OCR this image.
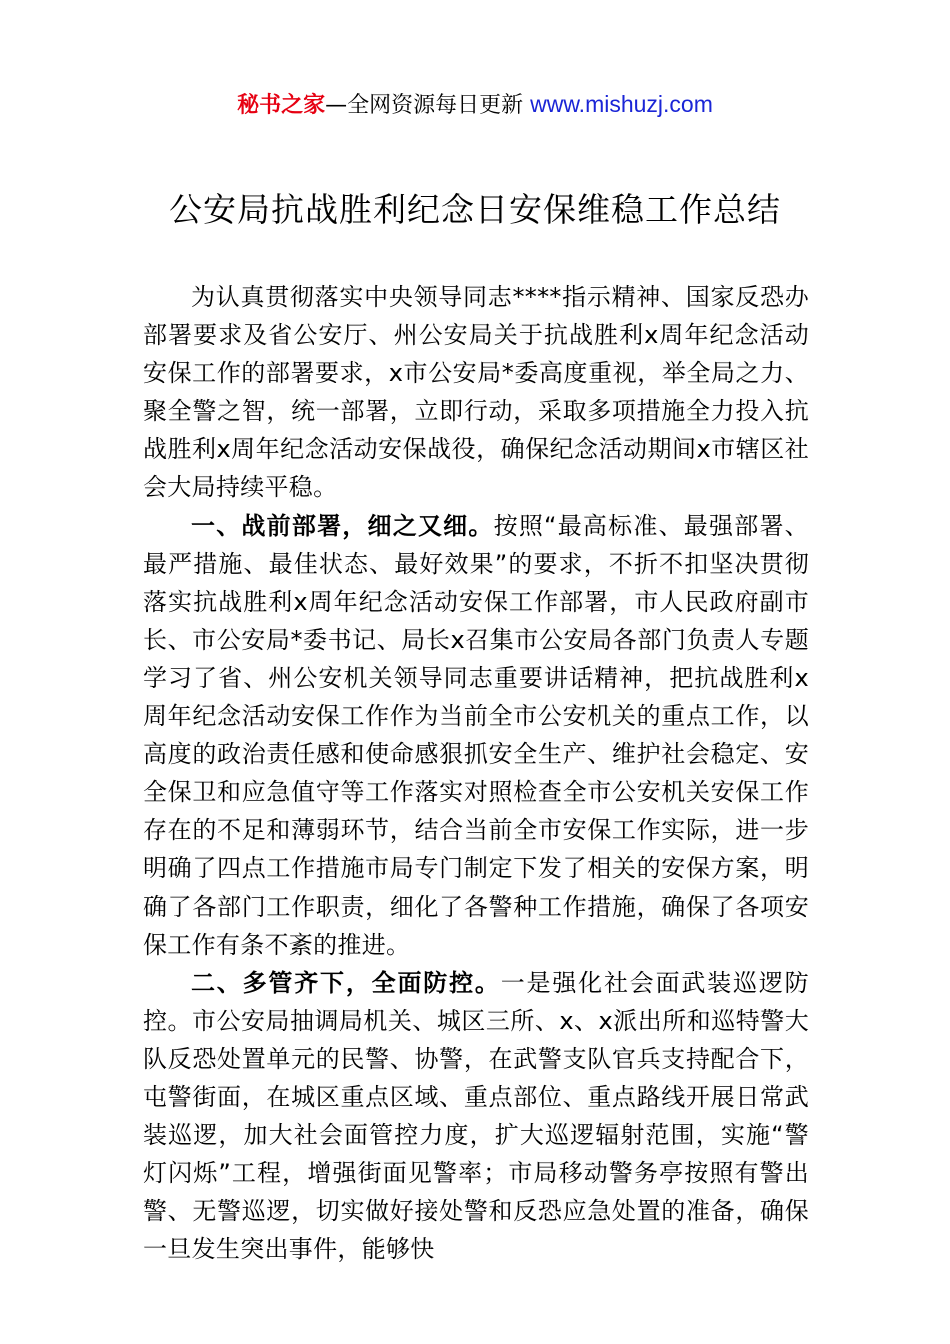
秘书之家—全网资源每日更新 www.mishuzj.com
公安局抗战胜利纪念日安保维稳工作总结

为认真贯彻落实中央领导同志****指示精神、国家反恐办部署要求及省公安厅、州公安局关于抗战胜利x周年纪念活动安保工作的部署要求，x市公安局*委高度重视，举全局之力、聚全警之智，统一部署，立即行动，采取多项措施全力投入抗战胜利x周年纪念活动安保战役，确保纪念活动期间x市辖区社会大局持续平稳。

一、战前部署，细之又细。按照“最高标准、最强部署、最严措施、最佳状态、最好效果”的要求，不折不扣坚决贯彻落实抗战胜利x周年纪念活动安保工作部署，市人民政府副市长、市公安局*委书记、局长x召集市公安局各部门负责人专题学习了省、州公安机关领导同志重要讲话精神，把抗战胜利x周年纪念活动安保工作作为当前全市公安机关的重点工作，以高度的政治责任感和使命感狠抓安全生产、维护社会稳定、安全保卫和应急值守等工作落实对照检查全市公安机关安保工作存在的不足和薄弱环节，结合当前全市安保工作实际，进一步明确了四点工作措施市局专门制定下发了相关的安保方案，明确了各部门工作职责，细化了各警种工作措施，确保了各项安保工作有条不紊的推进。

二、多管齐下，全面防控。一是强化社会面武装巡逻防控。市公安局抽调局机关、城区三所、x、x派出所和巡特警大队反恐处置单元的民警、协警，在武警支队官兵支持配合下，屯警街面，在城区重点区域、重点部位、重点路线开展日常武装巡逻，加大社会面管控力度，扩大巡逻辐射范围，实施“警灯闪烁”工程，增强街面见警率；市局移动警务亭按照有警出警、无警巡逻，切实做好接处警和反恐应急处置的准备，确保一旦发生突出事件，能够快
